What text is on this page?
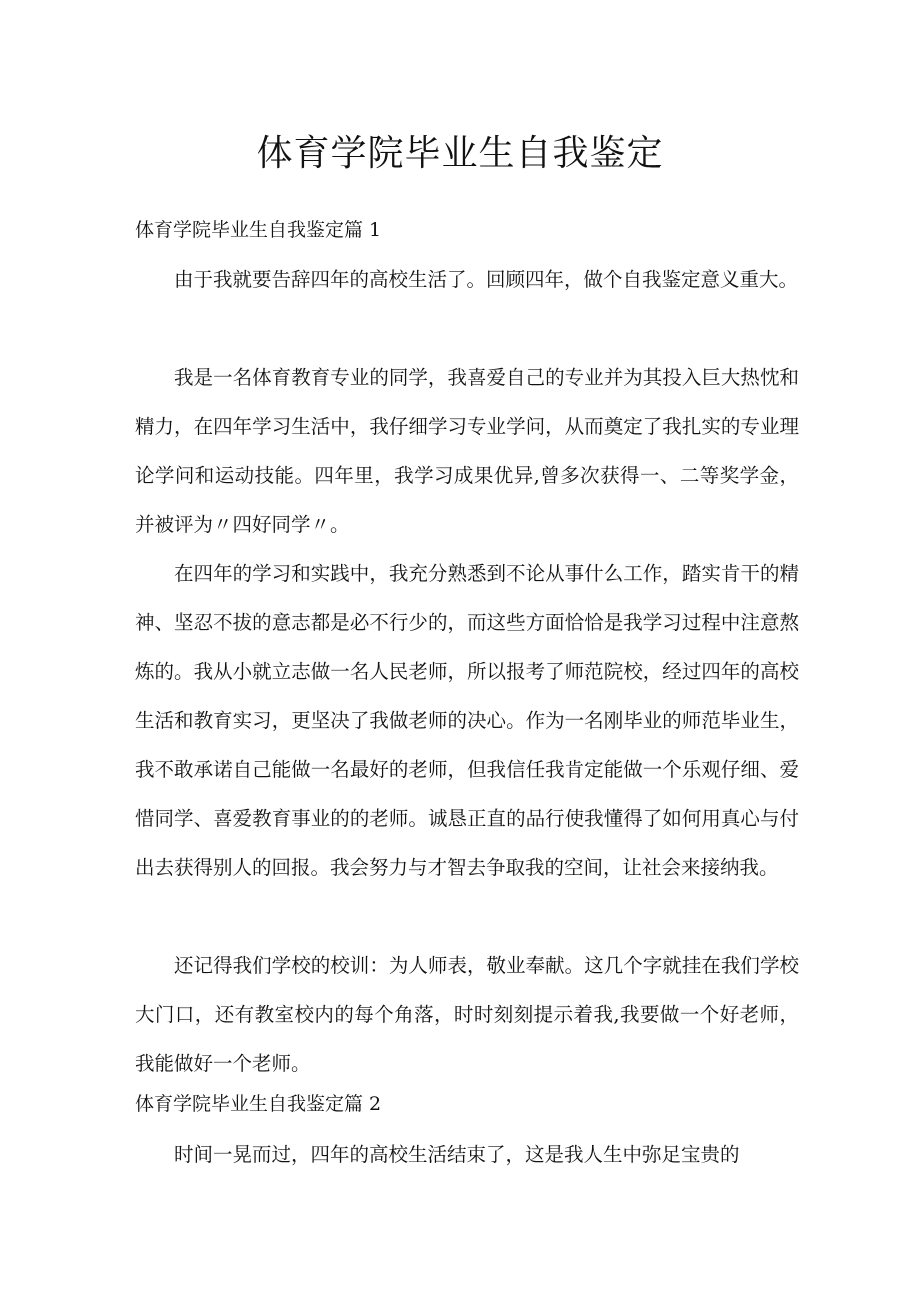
体育学院毕业生自我鉴定
体育学院毕业生自我鉴定篇 1

由于我就要告辞四年的高校生活了。回顾四年，做个自我鉴定意义重大。

我是一名体育教育专业的同学，我喜爱自己的专业并为其投入巨大热忱和精力，在四年学习生活中，我仔细学习专业学问，从而奠定了我扎实的专业理论学问和运动技能。四年里，我学习成果优异,曾多次获得一、二等奖学金，并被评为〃四好同学〃。

在四年的学习和实践中，我充分熟悉到不论从事什么工作，踏实肯干的精神、坚忍不拔的意志都是必不行少的，而这些方面恰恰是我学习过程中注意熬炼的。我从小就立志做一名人民老师，所以报考了师范院校，经过四年的高校生活和教育实习，更坚决了我做老师的决心。作为一名刚毕业的师范毕业生，我不敢承诺自己能做一名最好的老师，但我信任我肯定能做一个乐观仔细、爱惜同学、喜爱教育事业的的老师。诚恳正直的品行使我懂得了如何用真心与付出去获得别人的回报。我会努力与才智去争取我的空间，让社会来接纳我。

还记得我们学校的校训：为人师表，敬业奉献。这几个字就挂在我们学校大门口，还有教室校内的每个角落，时时刻刻提示着我,我要做一个好老师，我能做好一个老师。

体育学院毕业生自我鉴定篇 2

时间一晃而过，四年的高校生活结束了，这是我人生中弥足宝贵的
